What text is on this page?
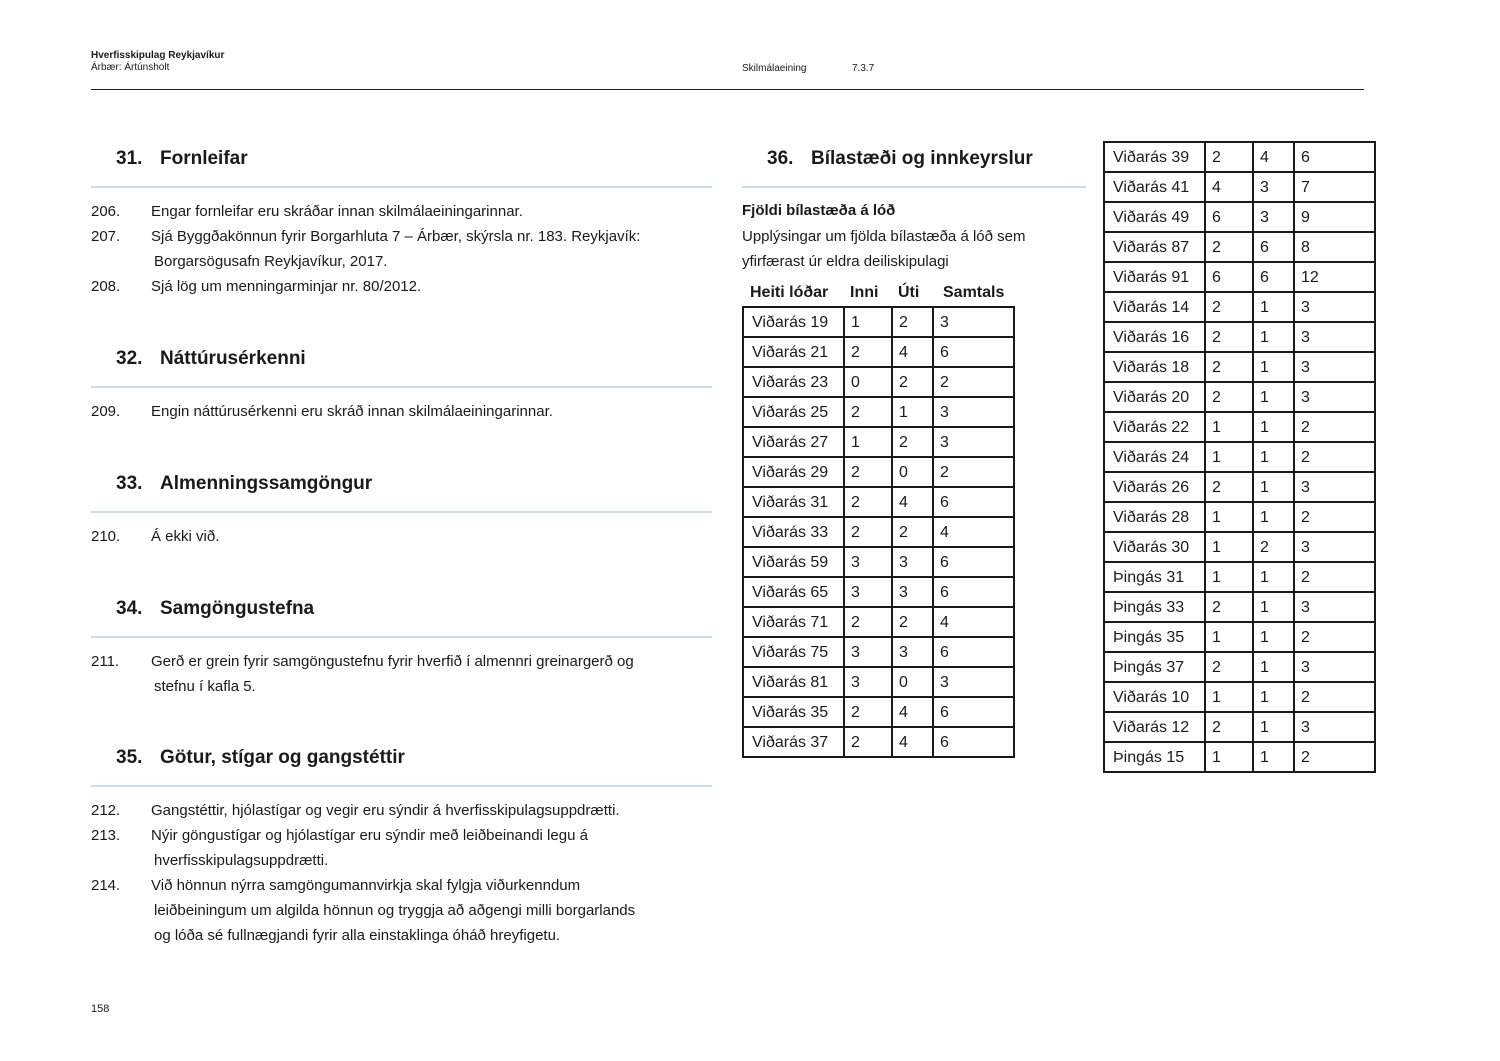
Hverfisskipulag Reykjavíkur
Árbær: Ártúnsholt	Skilmálaeining	7.3.7
31. Fornleifar
206. Engar fornleifar eru skráðar innan skilmálaeiningarinnar.
207. Sjá Byggðakönnun fyrir Borgarhluta 7 – Árbær, skýrsla nr. 183. Reykjavík:
Borgarsögusafn Reykjavíkur, 2017.
208. Sjá lög um menningarminjar nr. 80/2012.
32. Náttúrusérkenni
209. Engin náttúrusérkenni eru skráð innan skilmálaeiningarinnar.
33. Almenningssamgöngur
210. Á ekki við.
34. Samgöngustefna
211. Gerð er grein fyrir samgöngustefnu fyrir hverfið í almennri greinargerð og
stefnu í kafla 5.
35. Götur, stígar og gangstéttir
212. Gangstéttir, hjólastígar og vegir eru sýndir á hverfisskipulagsuppdrætti.
213. Nýir göngustígar og hjólastígar eru sýndir með leiðbeinandi legu á
hverfisskipulagsuppdrætti.
214. Við hönnun nýrra samgöngumannvirkja skal fylgja viðurkenndum
leiðbeiningum um algilda hönnun og tryggja að aðgengi milli borgarlands
og lóða sé fullnægjandi fyrir alla einstaklinga óháð hreyfigetu.
36. Bílastæði og innkeyrslur
Fjöldi bílastæða á lóð
Upplýsingar um fjölda bílastæða á lóð sem yfirfærast úr eldra deiliskipulagi
Heiti lóðar	Inni	Úti	Samtals
Viðarás 19	1	2	3
Viðarás 21	2	4	6
Viðarás 23	0	2	2
Viðarás 25	2	1	3
Viðarás 27	1	2	3
Viðarás 29	2	0	2
Viðarás 31	2	4	6
Viðarás 33	2	2	4
Viðarás 59	3	3	6
Viðarás 65	3	3	6
Viðarás 71	2	2	4
Viðarás 75	3	3	6
Viðarás 81	3	0	3
Viðarás 35	2	4	6
Viðarás 37	2	4	6
Viðarás 39	2	4	6
Viðarás 41	4	3	7
Viðarás 49	6	3	9
Viðarás 87	2	6	8
Viðarás 91	6	6	12
Viðarás 14	2	1	3
Viðarás 16	2	1	3
Viðarás 18	2	1	3
Viðarás 20	2	1	3
Viðarás 22	1	1	2
Viðarás 24	1	1	2
Viðarás 26	2	1	3
Viðarás 28	1	1	2
Viðarás 30	1	2	3
Þingás 31	1	1	2
Þingás 33	2	1	3
Þingás 35	1	1	2
Þingás 37	2	1	3
Viðarás 10	1	1	2
Viðarás 12	2	1	3
Þingás 15	1	1	2
158
